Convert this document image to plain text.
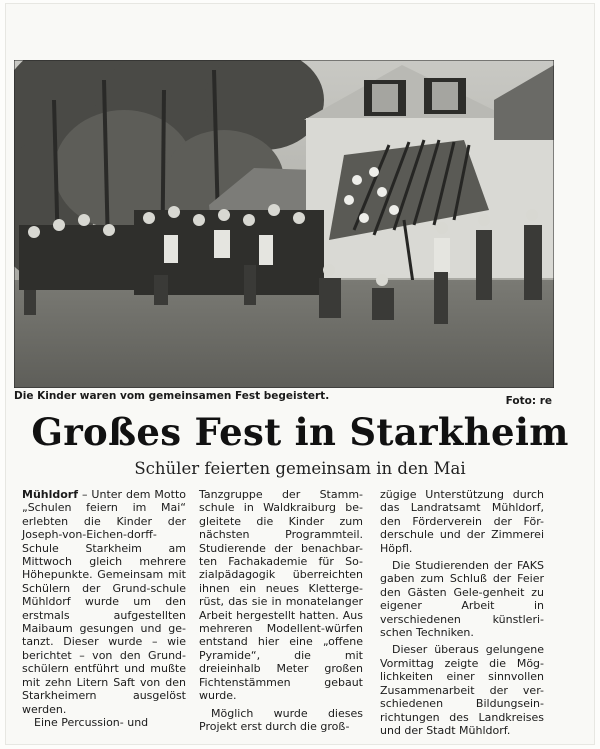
Die Kinder waren vom gemeinsamen Fest begeistert.	Foto: re
Großes Fest in Starkheim
Schüler feierten gemeinsam in den Mai

Mühldorf – Unter dem Motto „Schulen feiern im Mai“ erlebten die Kinder der Joseph-von-Eichen-dorff-Schule Starkheim am Mittwoch gleich mehrere Höhepunkte. Gemeinsam mit Schülern der Grund-schule Mühldorf wurde um den erstmals aufgestellten Maibaum gesungen und ge-tanzt. Dieser wurde – wie berichtet – von den Grund-schülern entführt und mußte mit zehn Litern Saft von den Starkheimern ausgelöst werden.

Eine Percussion- und

Tanzgruppe der Stamm-schule in Waldkraiburg be-gleitete die Kinder zum nächsten Programmteil. Studierende der benachbar-ten Fachakademie für So-zialpädagogik überreichten ihnen ein neues Kletterge-rüst, das sie in monatelanger Arbeit hergestellt hatten. Aus mehreren Modellent-würfen entstand hier eine „offene Pyramide“, die mit dreieinhalb Meter großen Fichtenstämmen gebaut wurde.

Möglich wurde dieses Projekt erst durch die groß-

zügige Unterstützung durch das Landratsamt Mühldorf, den Förderverein der För-derschule und der Zimmerei Höpfl.

Die Studierenden der FAKS gaben zum Schluß der Feier den Gästen Gele-genheit zu eigener Arbeit in verschiedenen künstleri-schen Techniken.

Dieser überaus gelungene Vormittag zeigte die Mög-lichkeiten einer sinnvollen Zusammenarbeit der ver-schiedenen Bildungsein-richtungen des Landkreises und der Stadt Mühldorf.
